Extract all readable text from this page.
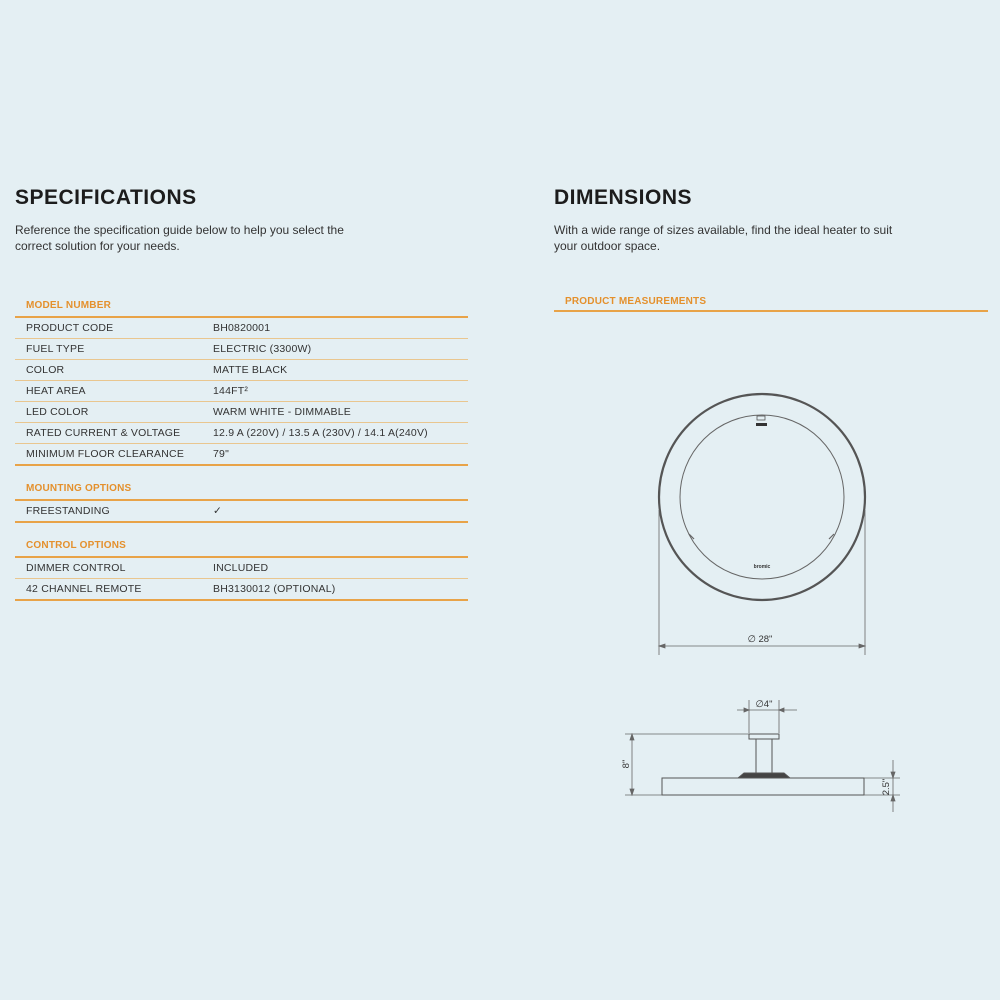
SPECIFICATIONS

Reference the specification guide below to help you select the
correct solution for your needs.

MODEL NUMBER
PRODUCT CODE	BH0820001
FUEL TYPE	ELECTRIC (3300W)
COLOR	MATTE BLACK
HEAT AREA	144FT²
LED COLOR	WARM WHITE - DIMMABLE
RATED CURRENT & VOLTAGE	12.9 A (220V) / 13.5 A (230V) / 14.1 A(240V)
MINIMUM FLOOR CLEARANCE	79"
MOUNTING OPTIONS
FREESTANDING	✓
CONTROL OPTIONS
DIMMER CONTROL	INCLUDED
42 CHANNEL REMOTE	BH3130012 (OPTIONAL)
DIMENSIONS

With a wide range of sizes available, find the ideal heater to suit
your outdoor space.

PRODUCT MEASUREMENTS
bromic
∅ 28"
∅4"
8"
2.5"
